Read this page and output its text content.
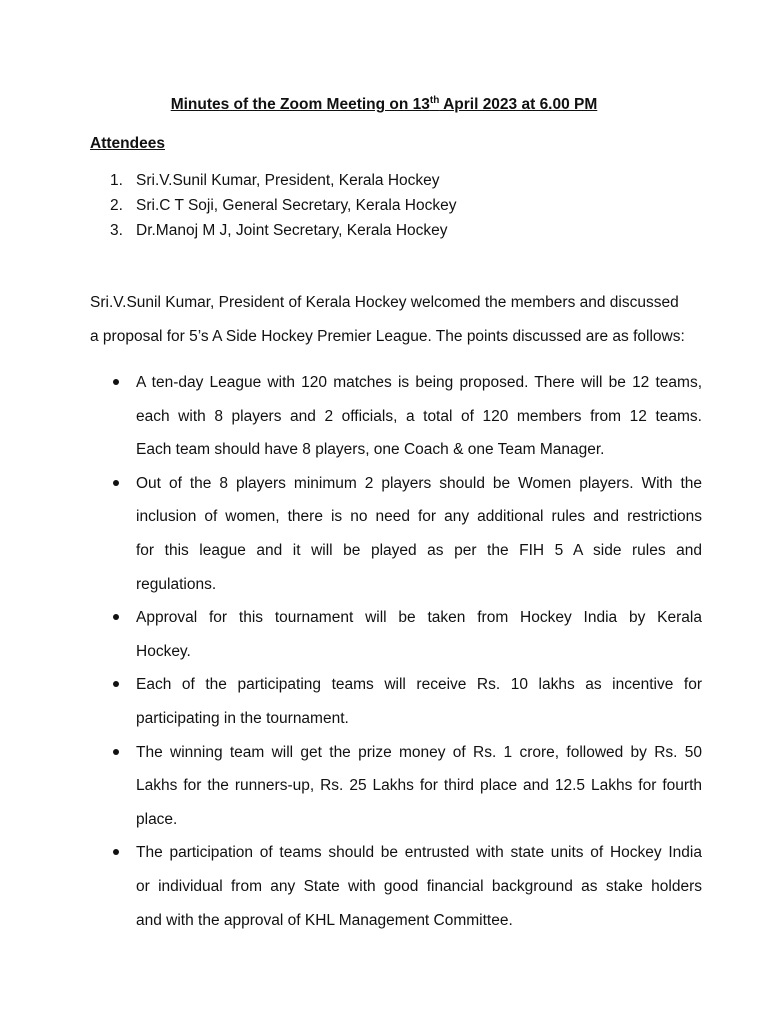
Minutes of the Zoom Meeting on 13th April 2023 at 6.00 PM
Attendees
1. Sri.V.Sunil Kumar, President, Kerala Hockey
2. Sri.C T Soji, General Secretary, Kerala Hockey
3. Dr.Manoj M J, Joint Secretary, Kerala Hockey

Sri.V.Sunil Kumar, President of Kerala Hockey welcomed the members and discussed

a proposal for 5’s A Side Hockey Premier League. The points discussed are as follows:

A ten-day League with 120 matches is being proposed. There will be 12 teams,
each with 8 players and 2 officials, a total of 120 members from 12 teams.
Each team should have 8 players, one Coach & one Team Manager.
Out of the 8 players minimum 2 players should be Women players. With the
inclusion of women, there is no need for any additional rules and restrictions
for this league and it will be played as per the FIH 5 A side rules and
regulations.
Approval for this tournament will be taken from Hockey India by Kerala
Hockey.
Each of the participating teams will receive Rs. 10 lakhs as incentive for
participating in the tournament.
The winning team will get the prize money of Rs. 1 crore, followed by Rs. 50
Lakhs for the runners-up, Rs. 25 Lakhs for third place and 12.5 Lakhs for fourth
place.
The participation of teams should be entrusted with state units of Hockey India
or individual from any State with good financial background as stake holders
and with the approval of KHL Management Committee.
